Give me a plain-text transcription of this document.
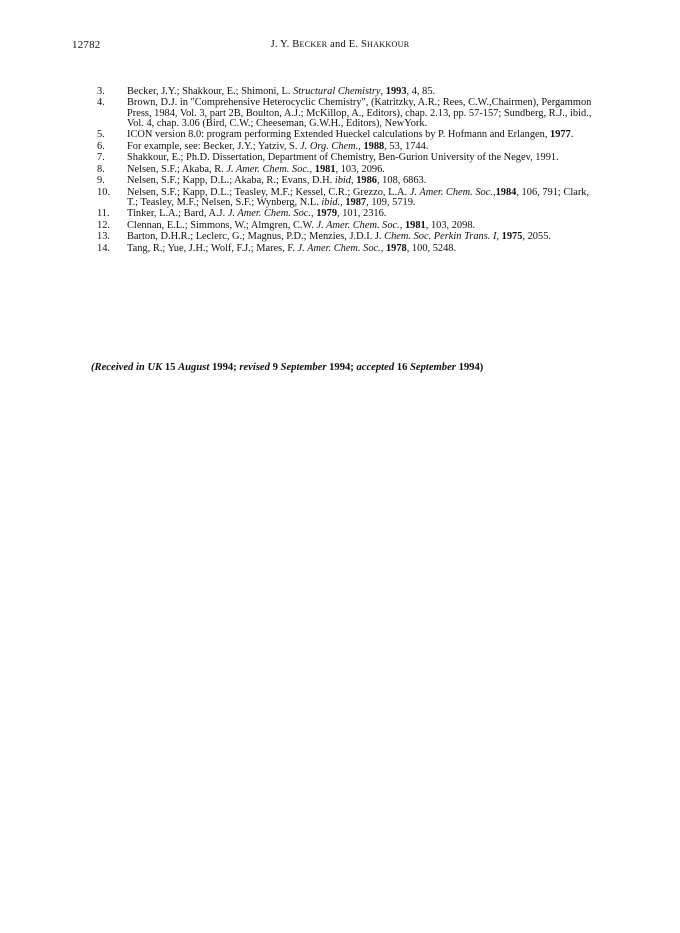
12782	J. Y. BECKER and E. SHAKKOUR
3. Becker, J.Y.; Shakkour, E.; Shimoni, L. Structural Chemistry, 1993, 4, 85.
4. Brown, D.J. in "Comprehensive Heterocyclic Chemistry", (Katritzky, A.R.; Rees, C.W.,Chairmen), Pergammon Press, 1984, Vol. 3, part 2B, Boulton, A.J.; McKillop, A., Editors), chap. 2.13, pp. 57-157; Sundberg, R.J., ibid., Vol. 4, chap. 3.06 (Bird, C.W.; Cheeseman, G.W.H., Editors), NewYork.
5. ICON version 8.0: program performing Extended Hueckel calculations by P. Hofmann and Erlangen, 1977.
6. For example, see: Becker, J.Y.; Yatziv, S. J. Org. Chem., 1988, 53, 1744.
7. Shakkour, E.; Ph.D. Dissertation, Department of Chemistry, Ben-Gurion University of the Negev, 1991.
8. Nelsen, S.F.; Akaba, R. J. Amer. Chem. Soc., 1981, 103, 2096.
9. Nelsen, S.F.; Kapp, D.L.; Akaba, R.; Evans, D.H. ibid, 1986, 108, 6863.
10. Nelsen, S.F.; Kapp, D.L.; Teasley, M.F.; Kessel, C.R.; Grezzo, L.A. J. Amer. Chem. Soc.,1984, 106, 791; Clark, T.; Teasley, M.F.; Nelsen, S.F.; Wynberg, N.L. ibid., 1987, 109, 5719.
11. Tinker, L.A.; Bard, A.J. J. Amer. Chem. Soc., 1979, 101, 2316.
12. Clennan, E.L.; Simmons, W.; Almgren, C.W. J. Amer. Chem. Soc., 1981, 103, 2098.
13. Barton, D.H.R.; Leclerc, G.; Magnus, P.D.; Menzies, J.D.I. J. Chem. Soc. Perkin Trans. I, 1975, 2055.
14. Tang, R.; Yue, J.H.; Wolf, F.J.; Mares, F. J. Amer. Chem. Soc., 1978, 100, 5248.
(Received in UK 15 August 1994; revised 9 September 1994; accepted 16 September 1994)
